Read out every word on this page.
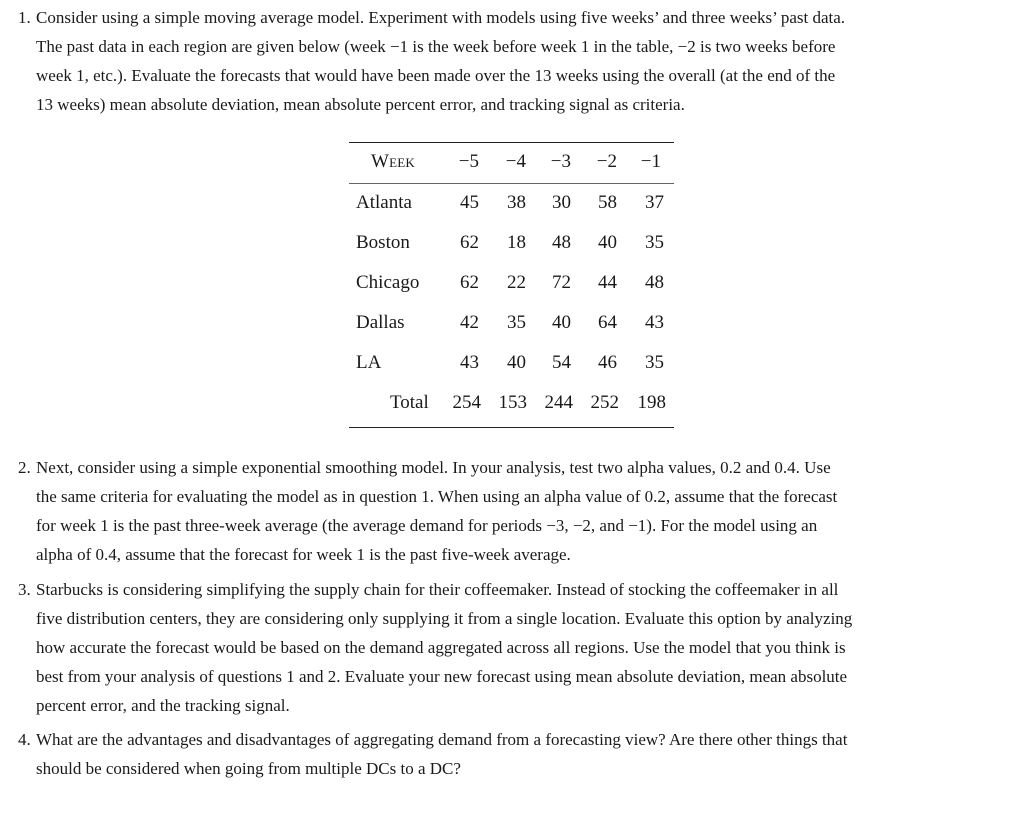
1. Consider using a simple moving average model. Experiment with models using five weeks’ and three weeks’ past data.
The past data in each region are given below (week −1 is the week before week 1 in the table, −2 is two weeks before
week 1, etc.). Evaluate the forecasts that would have been made over the 13 weeks using the overall (at the end of the
13 weeks) mean absolute deviation, mean absolute percent error, and tracking signal as criteria.
Week	−5	−4	−3	−2	−1
Atlanta	45	38	30	58	37
Boston	62	18	48	40	35
Chicago	62	22	72	44	48
Dallas	42	35	40	64	43
LA	43	40	54	46	35
Total 254 153 244 252 198
2. Next, consider using a simple exponential smoothing model. In your analysis, test two alpha values, 0.2 and 0.4. Use
the same criteria for evaluating the model as in question 1. When using an alpha value of 0.2, assume that the forecast
for week 1 is the past three-week average (the average demand for periods −3, −2, and −1). For the model using an
alpha of 0.4, assume that the forecast for week 1 is the past five-week average.
3. Starbucks is considering simplifying the supply chain for their coffeemaker. Instead of stocking the coffeemaker in all
five distribution centers, they are considering only supplying it from a single location. Evaluate this option by analyzing
how accurate the forecast would be based on the demand aggregated across all regions. Use the model that you think is
best from your analysis of questions 1 and 2. Evaluate your new forecast using mean absolute deviation, mean absolute
percent error, and the tracking signal.
4. What are the advantages and disadvantages of aggregating demand from a forecasting view? Are there other things that
should be considered when going from multiple DCs to a DC?
